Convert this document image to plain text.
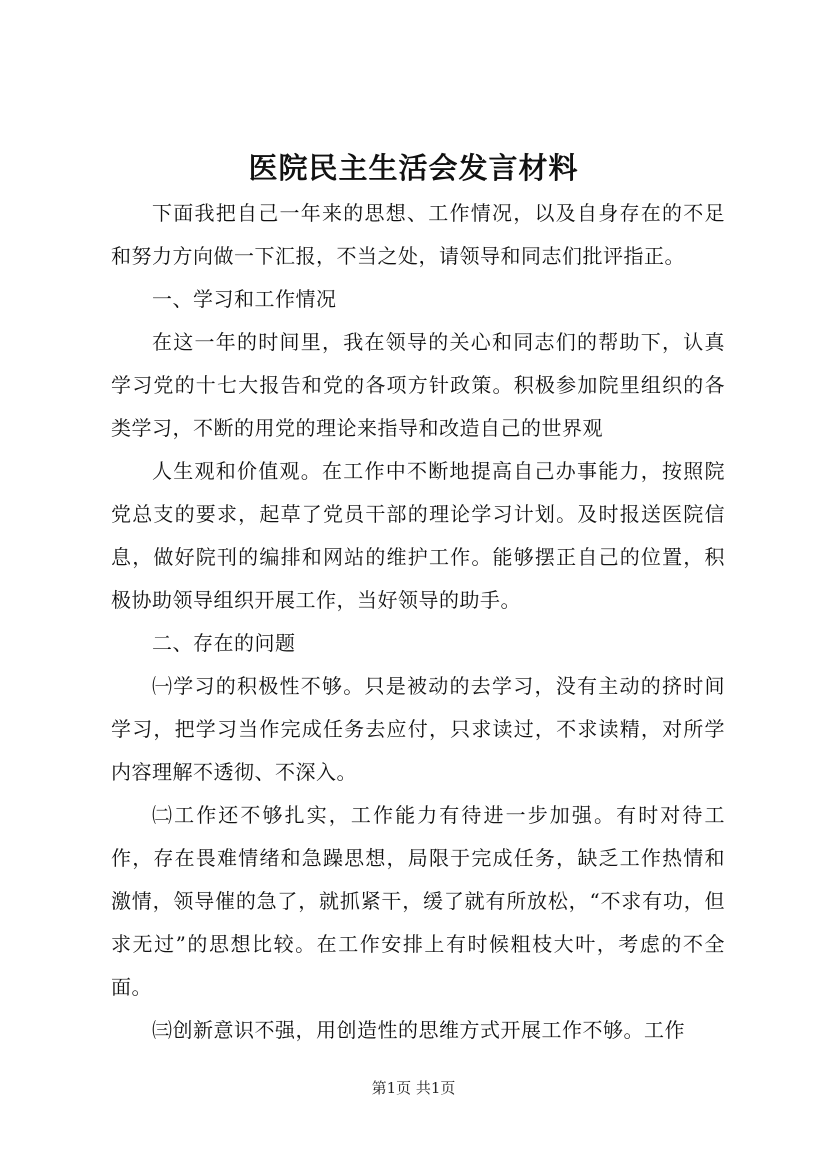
医院民主生活会发言材料

下面我把自己一年来的思想、工作情况，以及自身存在的不足和努力方向做一下汇报，不当之处，请领导和同志们批评指正。

一、学习和工作情况

在这一年的时间里，我在领导的关心和同志们的帮助下，认真学习党的十七大报告和党的各项方针政策。积极参加院里组织的各类学习，不断的用党的理论来指导和改造自己的世界观

人生观和价值观。在工作中不断地提高自己办事能力，按照院党总支的要求，起草了党员干部的理论学习计划。及时报送医院信息，做好院刊的编排和网站的维护工作。能够摆正自己的位置，积极协助领导组织开展工作，当好领导的助手。

二、存在的问题

㈠学习的积极性不够。只是被动的去学习，没有主动的挤时间学习，把学习当作完成任务去应付，只求读过，不求读精，对所学内容理解不透彻、不深入。

㈡工作还不够扎实，工作能力有待进一步加强。有时对待工作，存在畏难情绪和急躁思想，局限于完成任务，缺乏工作热情和激情，领导催的急了，就抓紧干，缓了就有所放松，“不求有功，但求无过”的思想比较。在工作安排上有时候粗枝大叶，考虑的不全面。

㈢创新意识不强，用创造性的思维方式开展工作不够。工作

第1页 共1页
